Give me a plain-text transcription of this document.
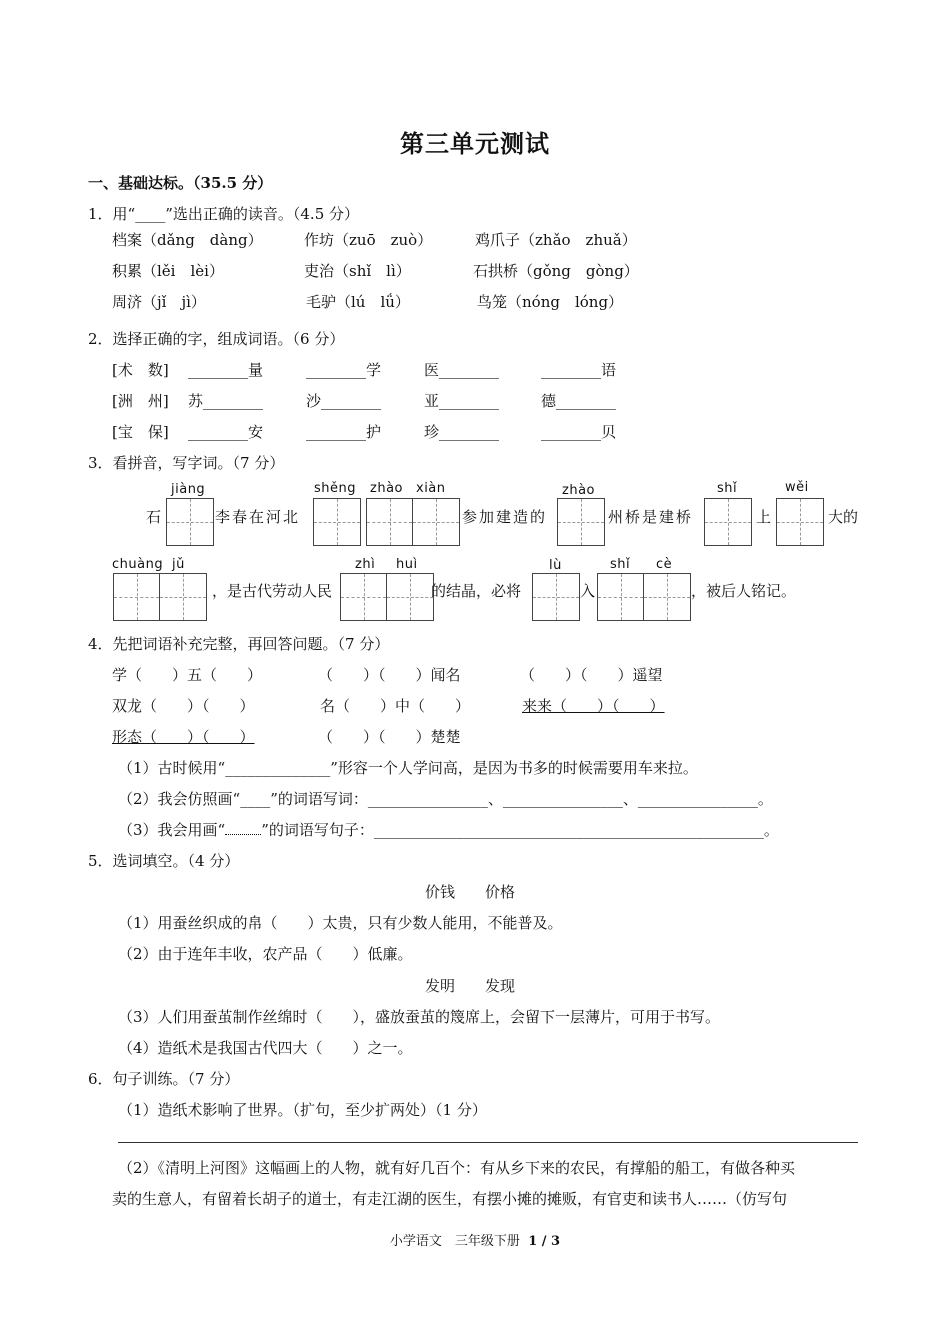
第三单元测试
一、基础达标。（35.5 分）
1．用“____”选出正确的读音。（4.5 分）
档案（dǎng　dàng）	作坊（zuō　zuò）	鸡爪子（zhǎo　zhuǎ）
积累（lěi　lèi）	吏治（shǐ　lì）	石拱桥（gǒng　gòng）
周济（jǐ　jì）	毛驴（lú　lǘ）	鸟笼（nóng　lóng）
2．选择正确的字，组成词语。（6 分）
[术　数] ________量	________学	医________	________语
[洲　州] 苏________	沙________	亚________	德________
[宝　保] ________安	________护	珍________	________贝
3．看拼音，写字词。（7 分）
石
jiàng
李春在河北
shěng zhào xiàn
参加建造的
zhào
州桥是建桥
shǐ
上
wěi
大的
chuàng jǔ
，是古代劳动人民
zhì huì
的结晶，必将
lù
入
shǐ cè
，被后人铭记。
4．先把词语补充完整，再回答问题。（7 分）
学（　　）五（　　）	（　　）（　　）闻名	（　　）（　　）遥望
双龙（　　）（　　）	名（　　）中（　　）	来来（　　）（　　）
形态（　　）（　　）	（　　）（　　）楚楚
（1）古时候用“______________”形容一个人学问高，是因为书多的时候需要用车来拉。
（2）我会仿照画“____”的词语写词：________________、________________、________________。
（3）我会用画“ ”的词语写句子：____________________________________________________。
5．选词填空。（4 分）
价钱　　价格
（1）用蚕丝织成的帛（　　）太贵，只有少数人能用，不能普及。
（2）由于连年丰收，农产品（　　）低廉。
发明　　发现
（3）人们用蚕茧制作丝绵时（　　），盛放蚕茧的篾席上，会留下一层薄片，可用于书写。
（4）造纸术是我国古代四大（　　）之一。
6．句子训练。（7 分）
（1）造纸术影响了世界。（扩句，至少扩两处）（1 分）
（2）《清明上河图》这幅画上的人物，就有好几百个：有从乡下来的农民，有撑船的船工，有做各种买
卖的生意人，有留着长胡子的道士，有走江湖的医生，有摆小摊的摊贩，有官吏和读书人……（仿写句
小学语文　三年级下册 1 / 3
